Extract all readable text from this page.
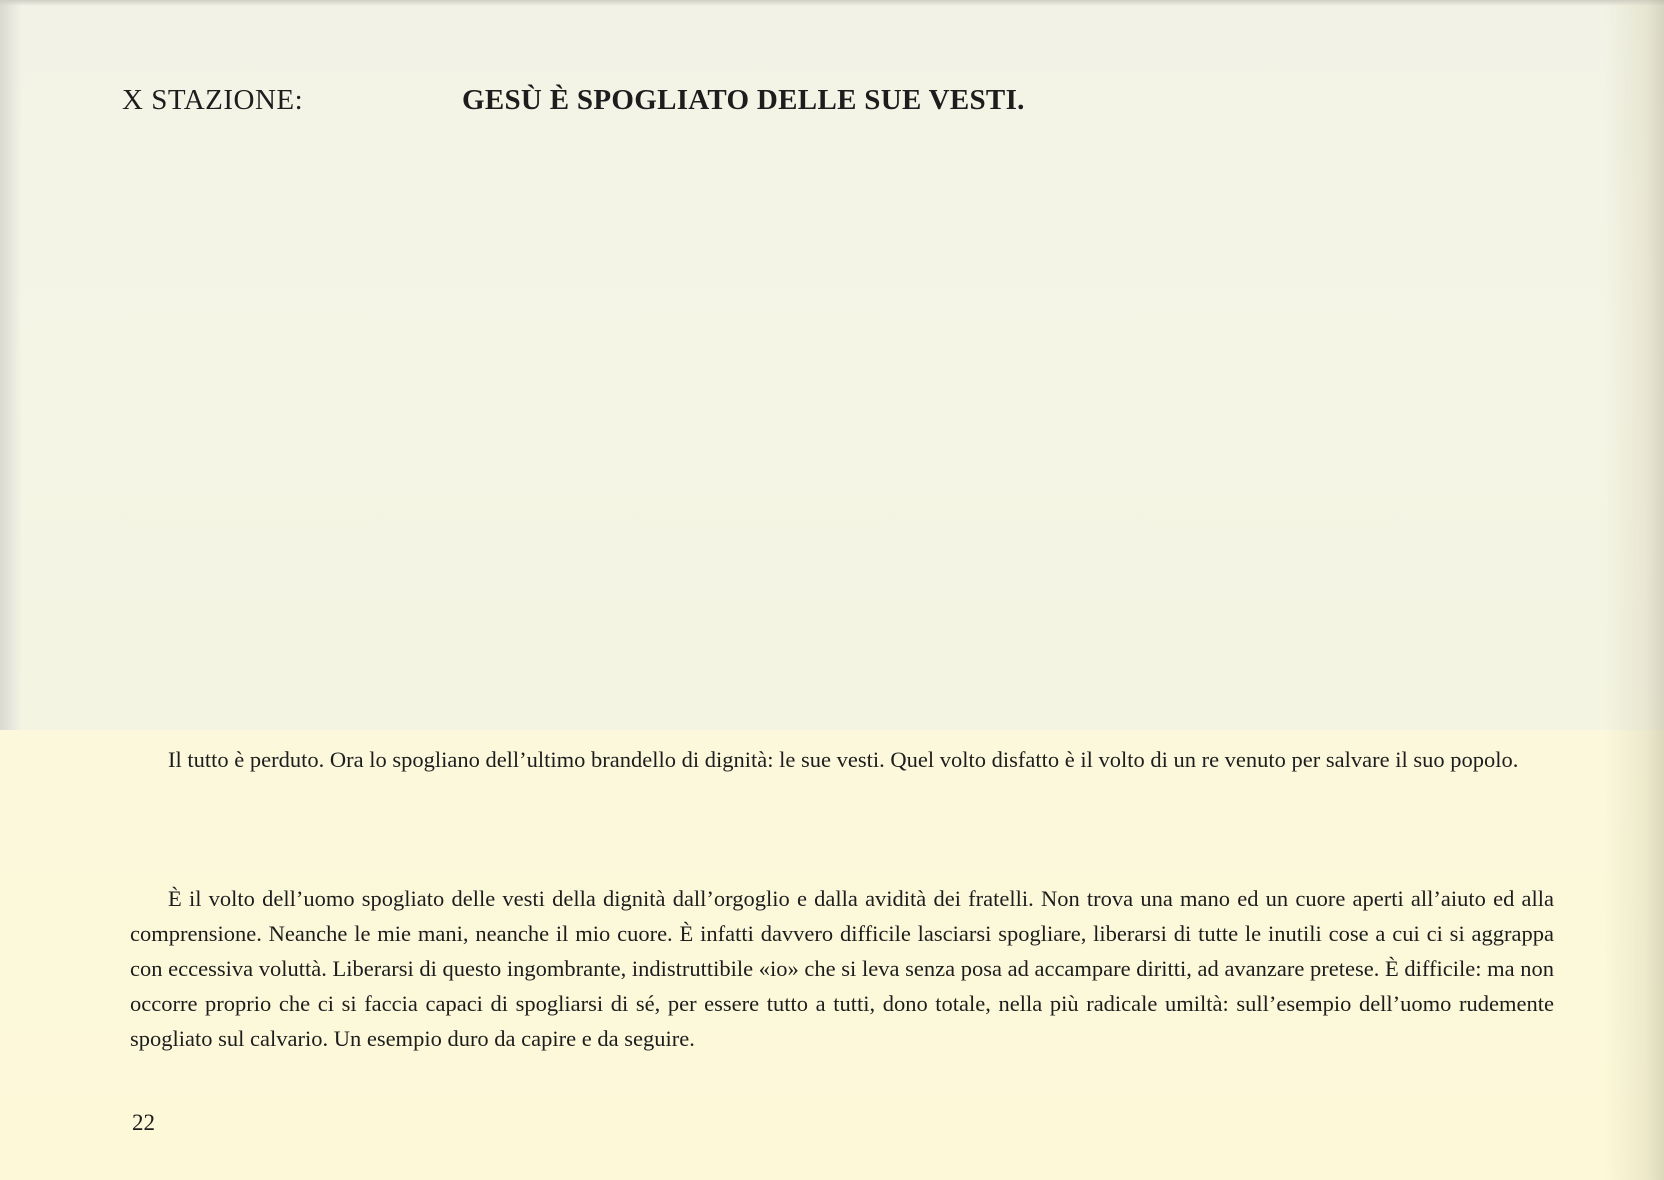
X STAZIONE:	GESÙ È SPOGLIATO DELLE SUE VESTI.

Il tutto è perduto. Ora lo spogliano dell’ultimo brandello di dignità: le sue vesti. Quel volto disfatto è il volto di un re venuto per salvare il suo popolo.

È il volto dell’uomo spogliato delle vesti della dignità dall’orgoglio e dalla avidità dei fratelli. Non trova una mano ed un cuore aperti all’aiuto ed alla comprensione. Neanche le mie mani, neanche il mio cuore. È infatti davvero difficile lasciarsi spogliare, liberarsi di tutte le inutili cose a cui ci si aggrappa con eccessiva voluttà. Liberarsi di questo ingombrante, indistruttibile «io» che si leva senza posa ad accampare diritti, ad avanzare pretese. È difficile: ma non occorre proprio che ci si faccia capaci di spogliarsi di sé, per essere tutto a tutti, dono totale, nella più radicale umiltà: sull’esempio dell’uomo rudemente spogliato sul calvario. Un esempio duro da capire e da seguire.

22
